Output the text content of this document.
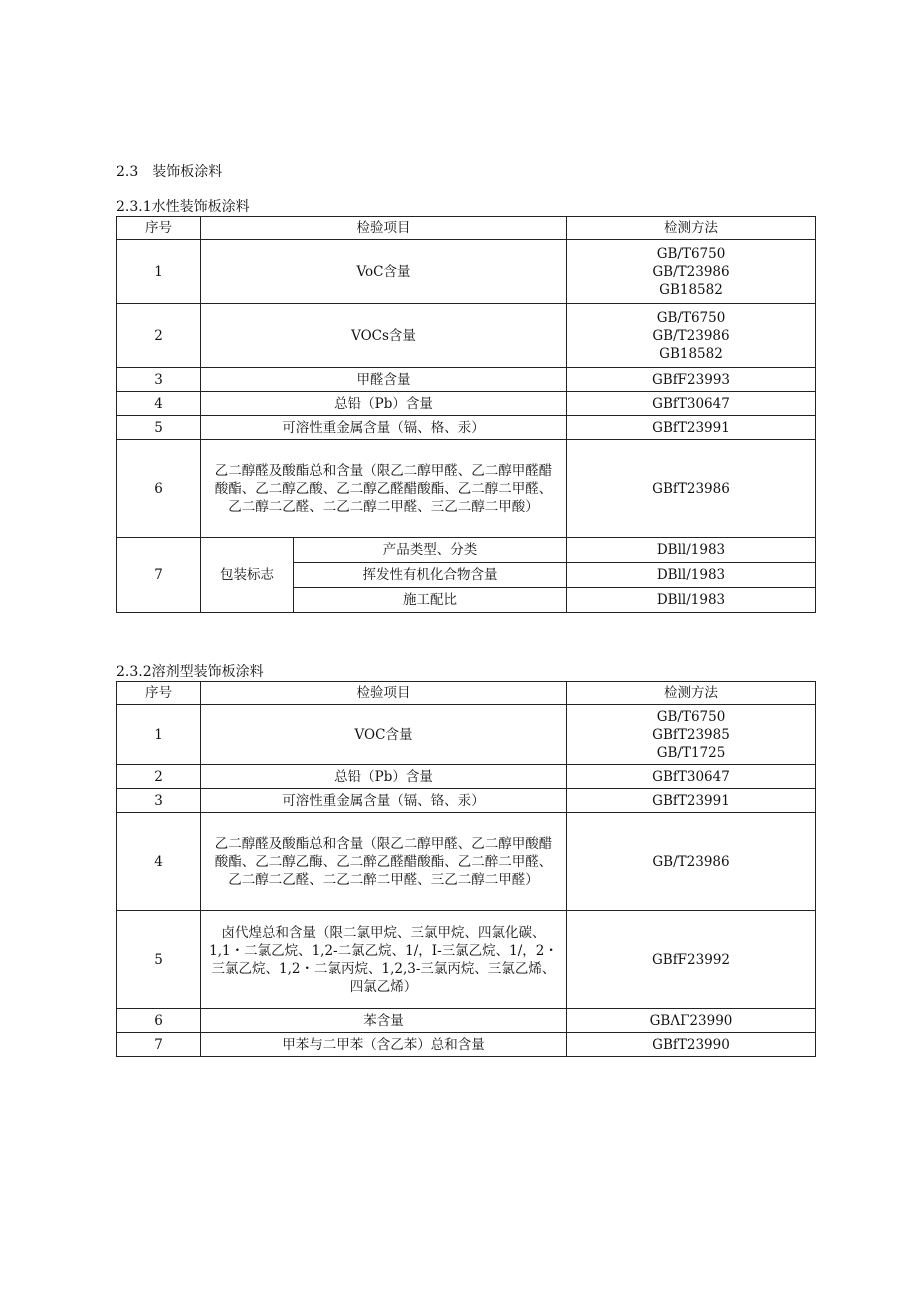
2.3　装饰板涂料
2.3.1水性装饰板涂料
序号	检验项目		检测方法
1	VoC含量		GB/T6750
GB/T23986
GB18582

2	VOCs含量		GB/T6750
GB/T23986
GB18582

3	甲醛含量		GBfF23993
4	总铅（Pb）含量		GBfT30647
5	可溶性重金属含量（镉、格、汞）		GBfT23991
6	乙二醇醛及酸酯总和含量（限乙二醇甲醛、乙二醇甲醛醋酸酯、乙二醇乙酸、乙二醇乙醛醋酸酯、乙二醇二甲醛、乙二醇二乙醛、二乙二醇二甲醛、三乙二醇二甲酸）		GBfT23986
7	包装标志	产品类型、分类	DBll/1983
		挥发性有机化合物含量	DBll/1983
		施工配比	DBll/1983
2.3.2溶剂型装饰板涂料
序号	检验项目	检测方法
1	VOC含量	GB/T6750
GBfT23985
GB/T1725

2	总铅（Pb）含量	GBfT30647
3	可溶性重金属含量（镉、铬、汞）	GBfT23991
4	乙二醇醛及酸酯总和含量（限乙二醇甲醛、乙二醇甲酸醋酸酯、乙二醇乙酶、乙二醉乙醛醋酸酯、乙二醉二甲醛、乙二醇二乙醛、二乙二醉二甲醛、三乙二醇二甲醛）	GB/T23986
5	卤代煌总和含量（限二氯甲烷、三氯甲烷、四氯化碳、1,1・二氯乙烷、1,2-二氯乙烷、1/，I-三氯乙烷、1/，2・三氯乙烷、1,2・二氯丙烷、1,2,3-三氯丙烷、三氯乙烯、四氯乙烯）	GBfF23992
6	苯含量	GBΛΓ23990
7	甲苯与二甲苯（含乙苯）总和含量	GBfT23990
